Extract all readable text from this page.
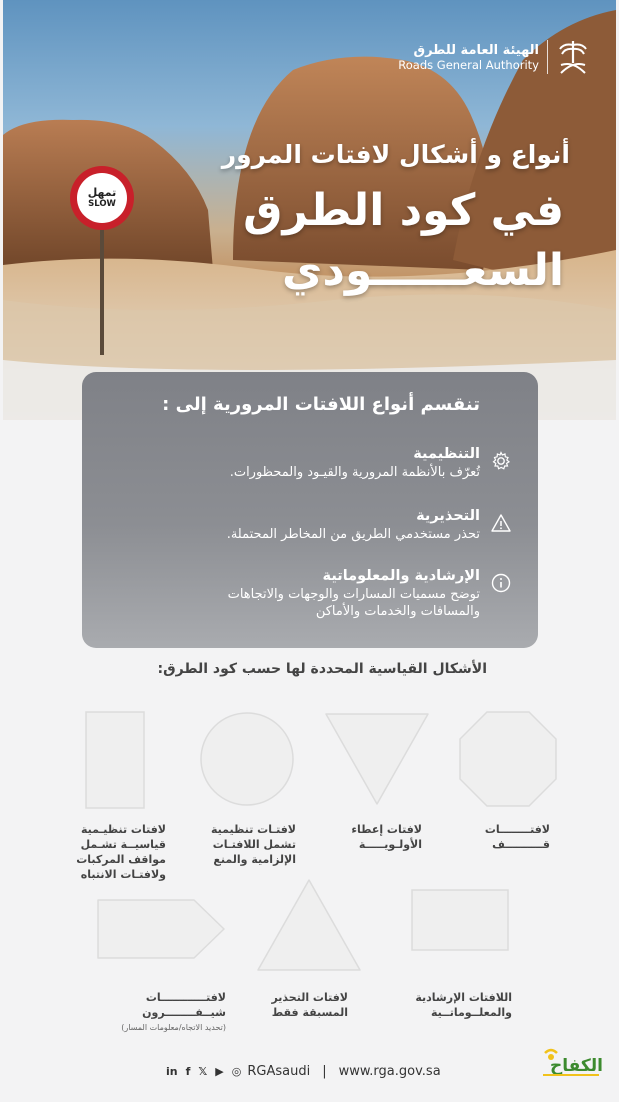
الهيئة العامة للطرق
Roads General Authority
أنواع و أشكال لافتات المرور
في كود الطرق
السعــــــودي
تمهل
SLOW
تنقسم أنواع اللافتات المرورية إلى :
التنظيمية
تُعرّف بالأنظمة المرورية والقيـود والمحظورات.
التحذيرية
تحذر مستخدمي الطريق من المخاطر المحتملة.
الإرشادية والمعلوماتية
توضح مسميات المسارات والوجهات والاتجاهات
والمسافات والخدمات والأماكن
الأشكال القياسية المحددة لها حسب كود الطرق:
لافتــــــــات
قــــــــــف
لافتات إعطاء
الأولـويـــــة
لافتـات تنظيمية
تشمل اللافتـات
الإلزامية والمنع
لافتات تنظيـمية
قياسيــة تشـمل
مواقف المركبات
ولافتـات الانتباه
اللافتات الإرشادية
والمعلــوماتــية
لافتات التحذير
المسبقة فقط
لافتــــــــــــات
شيــفــــــــرون
(تحديد الاتجاه/معلومات المسار)
in f 𝕏 ▶ ◎ RGAsaudi | www.rga.gov.sa	الكفاح
